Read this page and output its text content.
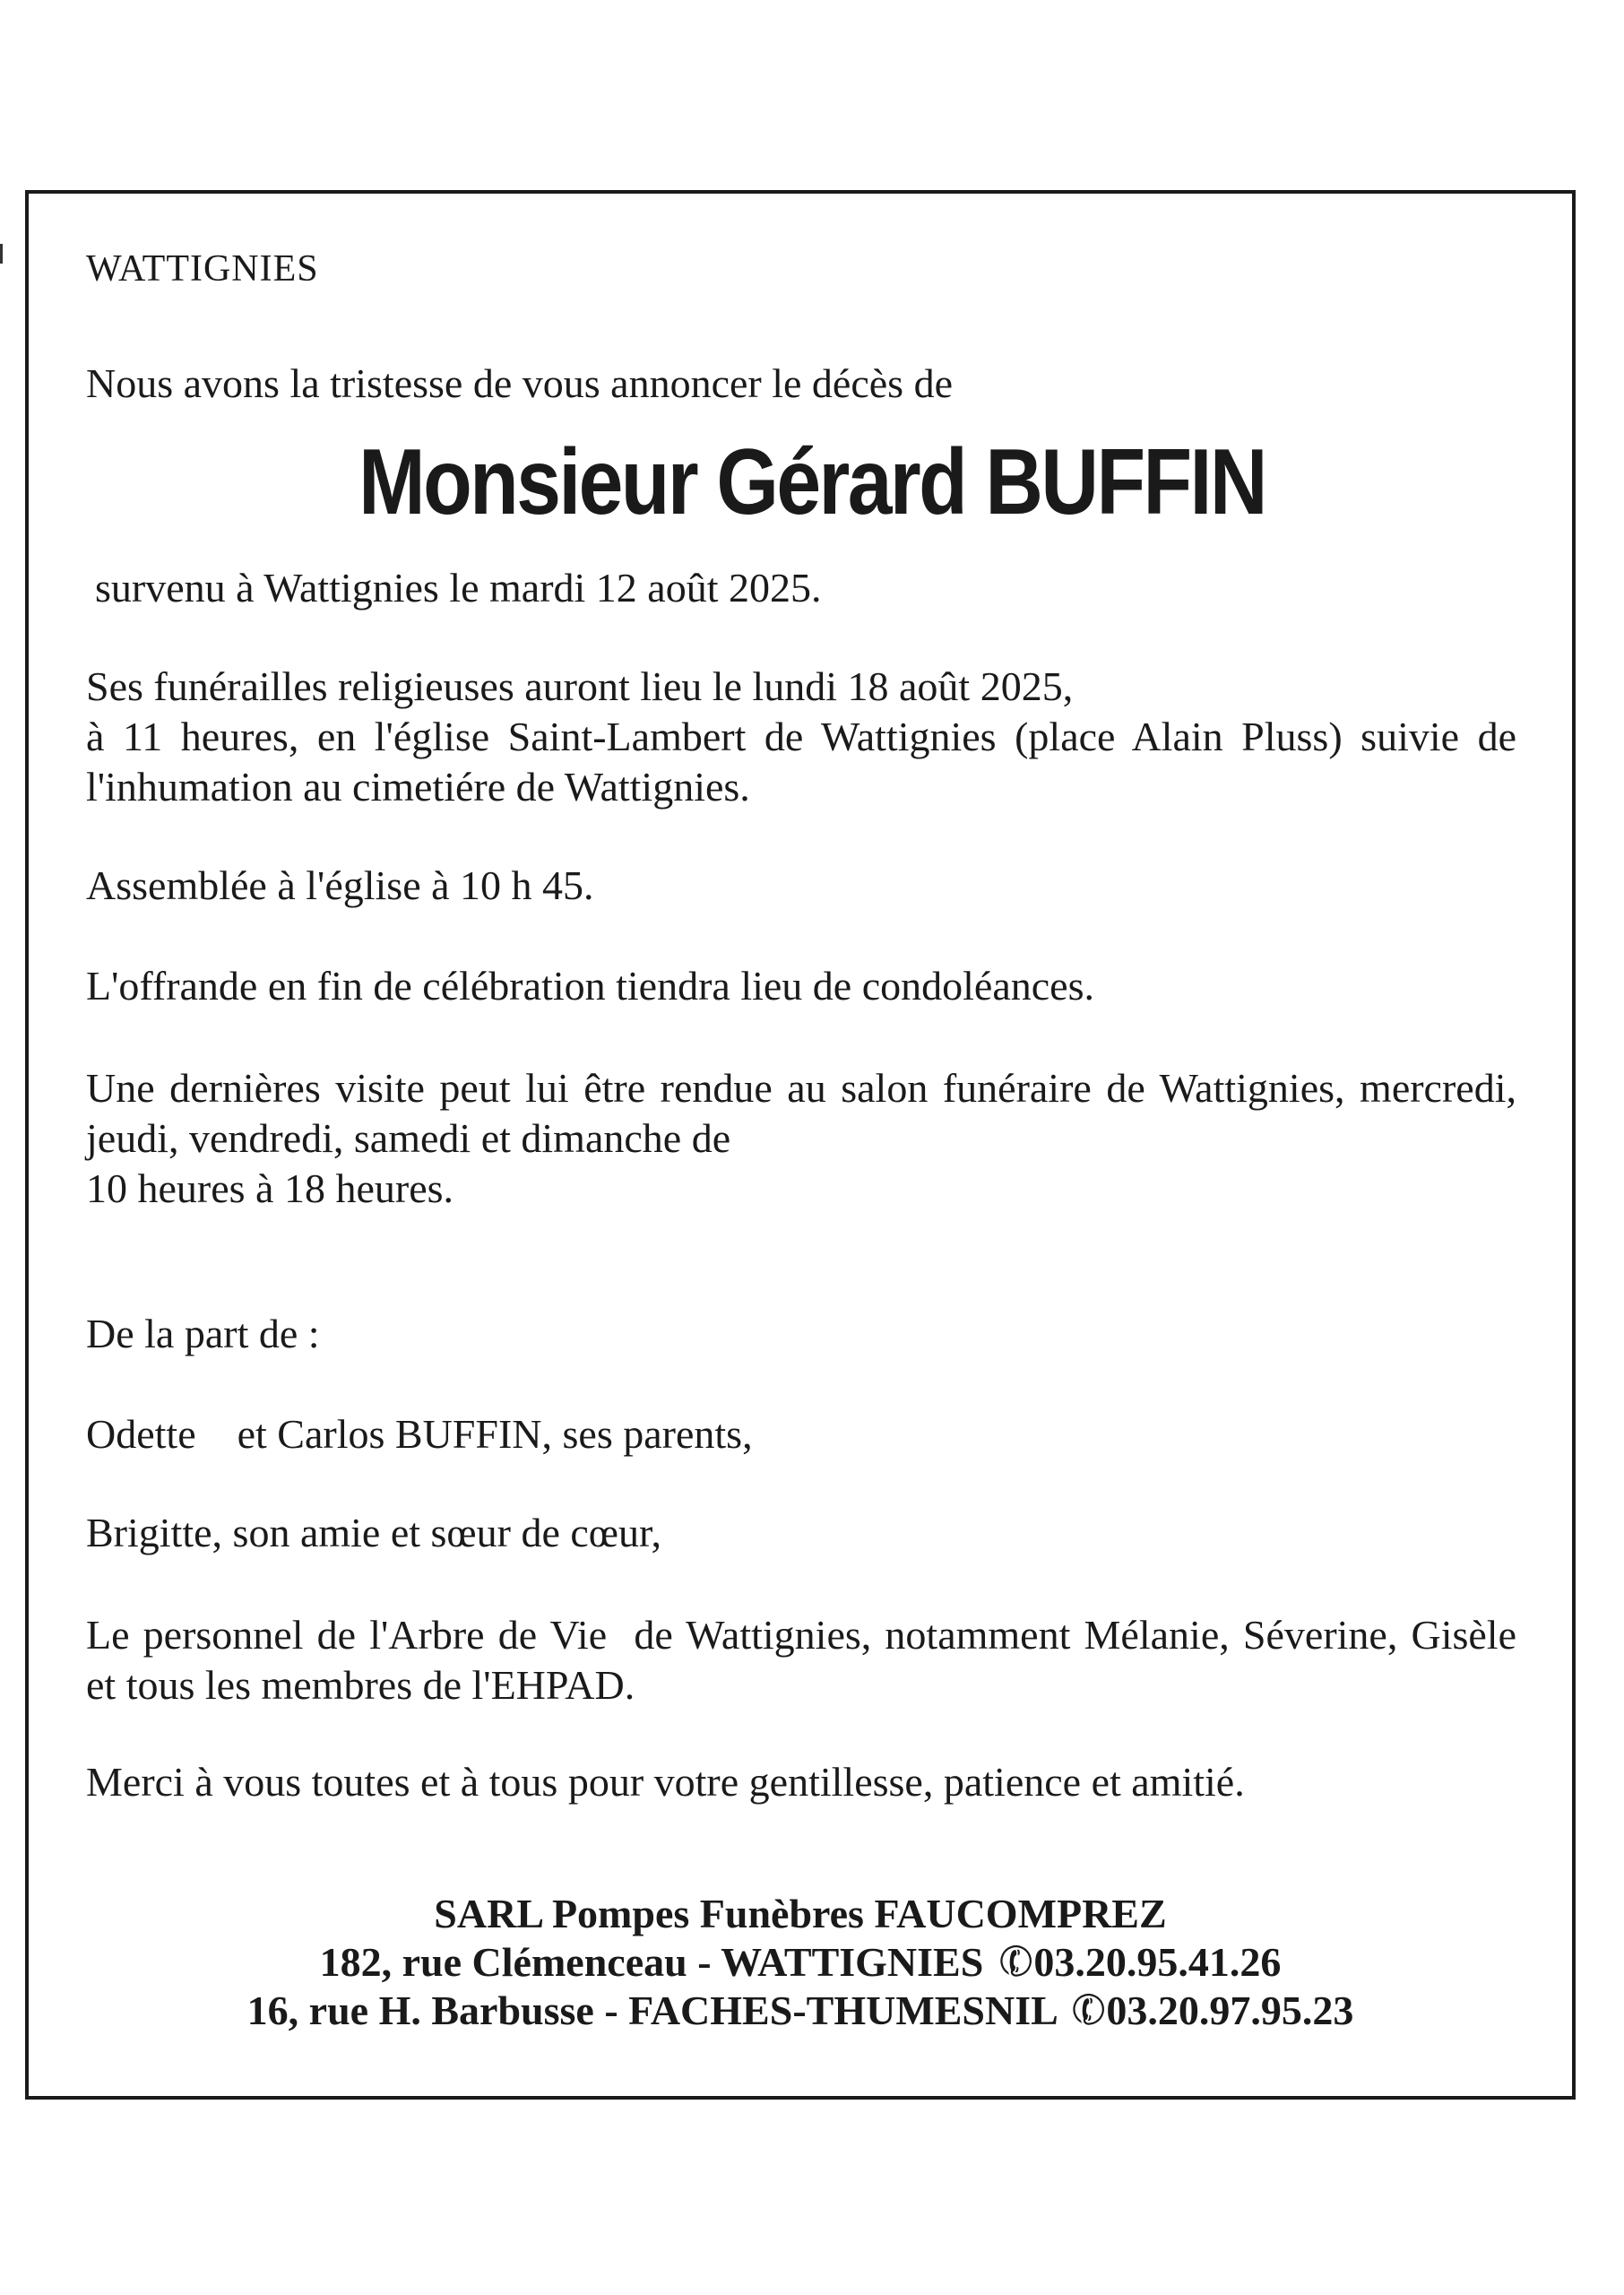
WATTIGNIES

Nous avons la tristesse de vous annoncer le décès de

Monsieur Gérard BUFFIN

survenu à Wattignies le mardi 12 août 2025.

Ses funérailles religieuses auront lieu le lundi 18 août 2025,

à 11 heures, en l'église Saint-Lambert de Wattignies (place Alain Pluss) suivie de l'inhumation au cimetiére de Wattignies.

Assemblée à l'église à 10 h 45.

L'offrande en fin de célébration tiendra lieu de condoléances.

Une dernières visite peut lui être rendue au salon funéraire de Wattignies, mercredi, jeudi, vendredi, samedi et dimanche de

10 heures à 18 heures.

De la part de :

Odette    et Carlos BUFFIN, ses parents,

Brigitte, son amie et sœur de cœur,

Le personnel de l'Arbre de Vie  de Wattignies, notamment Mélanie, Séverine, Gisèle et tous les membres de l'EHPAD.

Merci à vous toutes et à tous pour votre gentillesse, patience et amitié.

SARL Pompes Funèbres FAUCOMPREZ
182, rue Clémenceau - WATTIGNIES ✆03.20.95.41.26
16, rue H. Barbusse - FACHES-THUMESNIL ✆03.20.97.95.23
